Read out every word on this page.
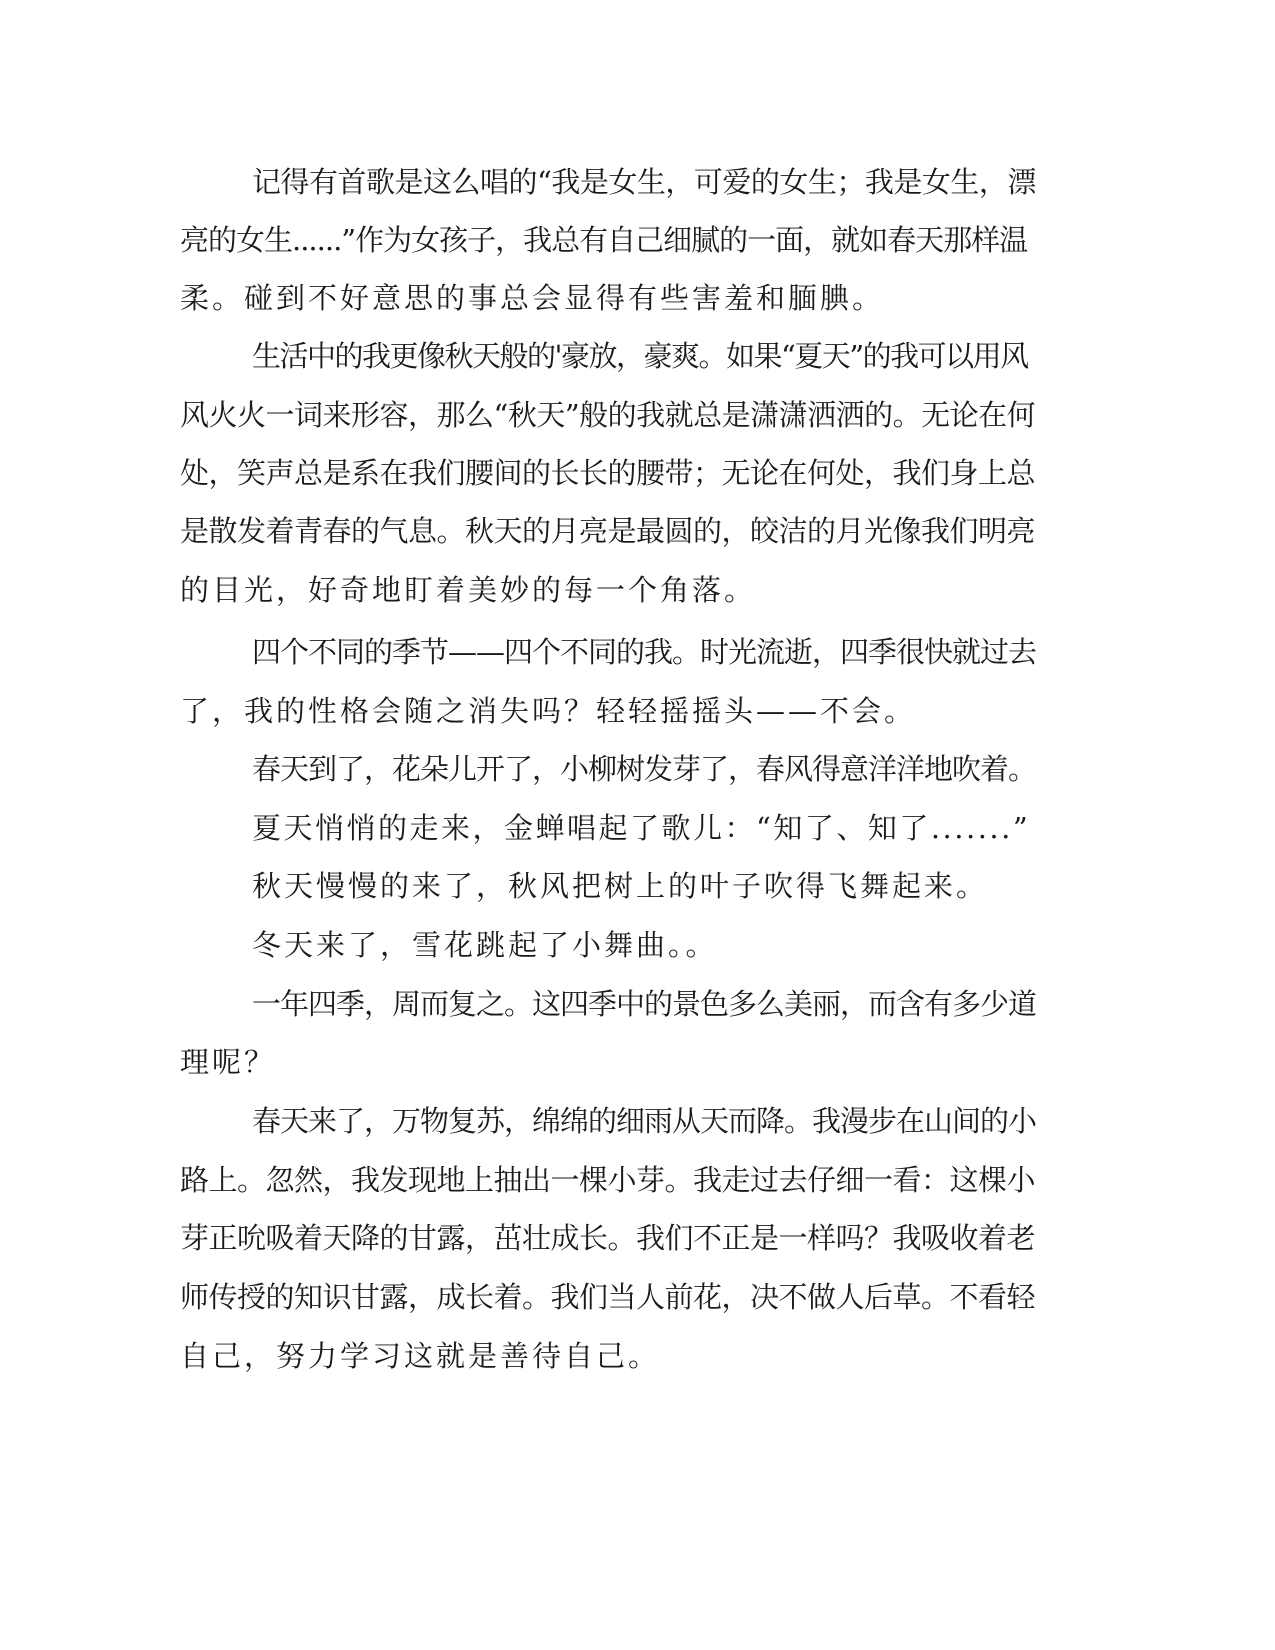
记得有首歌是这么唱的“我是女生，可爱的女生；我是女生，漂
亮的女生......”作为女孩子，我总有自己细腻的一面，就如春天那样温
柔。碰到不好意思的事总会显得有些害羞和腼腆。
生活中的我更像秋天般的'豪放，豪爽。如果“夏天”的我可以用风
风火火一词来形容，那么“秋天”般的我就总是潇潇洒洒的。无论在何
处，笑声总是系在我们腰间的长长的腰带；无论在何处，我们身上总
是散发着青春的气息。秋天的月亮是最圆的，皎洁的月光像我们明亮
的目光，好奇地盯着美妙的每一个角落。
四个不同的季节——四个不同的我。时光流逝，四季很快就过去
了，我的性格会随之消失吗？轻轻摇摇头——不会。
春天到了，花朵儿开了，小柳树发芽了，春风得意洋洋地吹着。
夏天悄悄的走来，金蝉唱起了歌儿：“知了、知了.......”
秋天慢慢的来了，秋风把树上的叶子吹得飞舞起来。
冬天来了，雪花跳起了小舞曲。。
一年四季，周而复之。这四季中的景色多么美丽，而含有多少道
理呢？
春天来了，万物复苏，绵绵的细雨从天而降。我漫步在山间的小
路上。忽然，我发现地上抽出一棵小芽。我走过去仔细一看：这棵小
芽正吮吸着天降的甘露，茁壮成长。我们不正是一样吗？我吸收着老
师传授的知识甘露，成长着。我们当人前花，决不做人后草。不看轻
自己，努力学习这就是善待自己。
